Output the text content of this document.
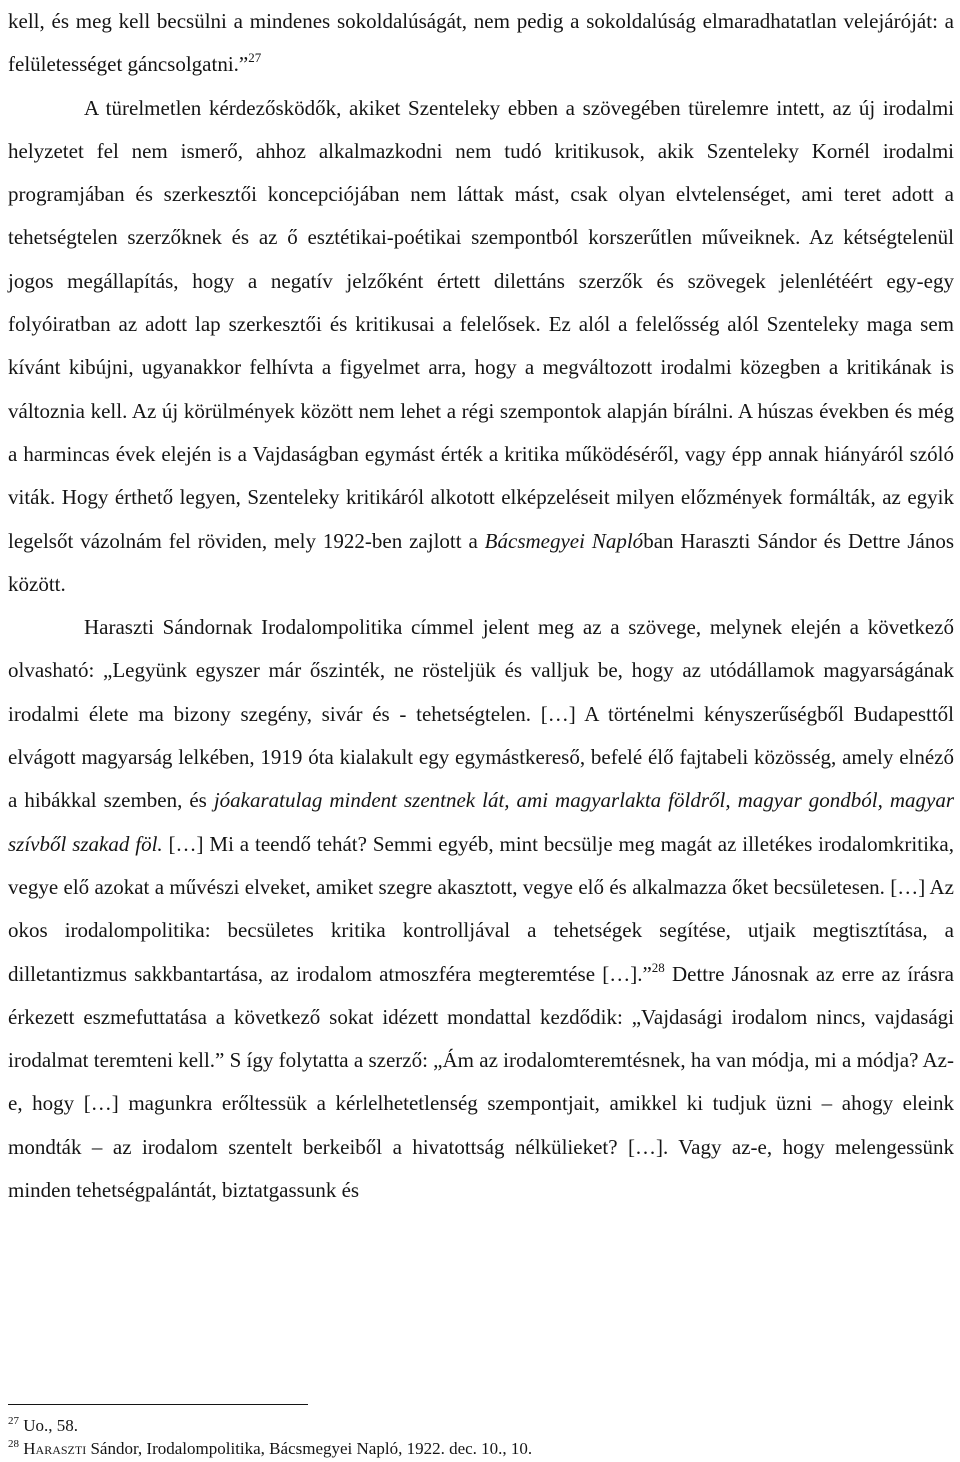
kell, és meg kell becsülni a mindenes sokoldalúságát, nem pedig a sokoldalúság elmaradhatatlan velejáróját: a felületességet gáncsolgatni.”$^{27}$

A türelmetlen kérdezősködők, akiket Szenteleky ebben a szövegében türelemre intett, az új irodalmi helyzetet fel nem ismerő, ahhoz alkalmazkodni nem tudó kritikusok, akik Szenteleky Kornél irodalmi programjában és szerkesztői koncepciójában nem láttak mást, csak olyan elvtelenséget, ami teret adott a tehetségtelen szerzőknek és az ő esztétikai-poétikai szempontból korszerűtlen műveiknek. Az kétségtelenül jogos megállapítás, hogy a negatív jelzőként értett dilettáns szerzők és szövegek jelenlétéért egy-egy folyóiratban az adott lap szerkesztői és kritikusai a felelősek. Ez alól a felelősség alól Szenteleky maga sem kívánt kibújni, ugyanakkor felhívta a figyelmet arra, hogy a megváltozott irodalmi közegben a kritikának is változnia kell. Az új körülmények között nem lehet a régi szempontok alapján bírálni. A húszas években és még a harmincas évek elején is a Vajdaságban egymást érték a kritika működéséről, vagy épp annak hiányáról szóló viták. Hogy érthető legyen, Szenteleky kritikáról alkotott elképzeléseit milyen előzmények formálták, az egyik legelsőt vázolnám fel röviden, mely 1922-ben zajlott a Bácsmegyei Naplóban Haraszti Sándor és Dettre János között.

Haraszti Sándornak Irodalompolitika címmel jelent meg az a szövege, melynek elején a következő olvasható: „Legyünk egyszer már őszinték, ne rösteljük és valljuk be, hogy az utódállamok magyarságának irodalmi élete ma bizony szegény, sivár és - tehetségtelen. […] A történelmi kényszerűségből Budapesttől elvágott magyarság lelkében, 1919 óta kialakult egy egymástkereső, befelé élő fajtabeli közösség, amely elnéző a hibákkal szemben, és jóakaratulag mindent szentnek lát, ami magyarlakta földről, magyar gondból, magyar szívből szakad föl. […] Mi a teendő tehát? Semmi egyéb, mint becsülje meg magát az illetékes irodalomkritika, vegye elő azokat a művészi elveket, amiket szegre akasztott, vegye elő és alkalmazza őket becsületesen. […] Az okos irodalompolitika: becsületes kritika kontrolljával a tehetségek segítése, utjaik megtisztítása, a dilletantizmus sakkbantartása, az irodalom atmoszféra megteremtése […].”$^{28}$ Dettre Jánosnak az erre az írásra érkezett eszmefuttatása a következő sokat idézett mondattal kezdődik: „Vajdasági irodalom nincs, vajdasági irodalmat teremteni kell.” S így folytatta a szerző: „Ám az irodalomteremtésnek, ha van módja, mi a módja? Az-e, hogy […] magunkra erőltessük a kérlelhetetlenség szempontjait, amikkel ki tudjuk üzni – ahogy eleink mondták – az irodalom szentelt berkeiből a hivatottság nélkülieket? […]. Vagy az-e, hogy melengessünk minden tehetségpalántát, biztatgassunk és

$^{27}$ Uo., 58.
$^{28}$ Haraszti Sándor, Irodalompolitika, Bácsmegyei Napló, 1922. dec. 10., 10.
